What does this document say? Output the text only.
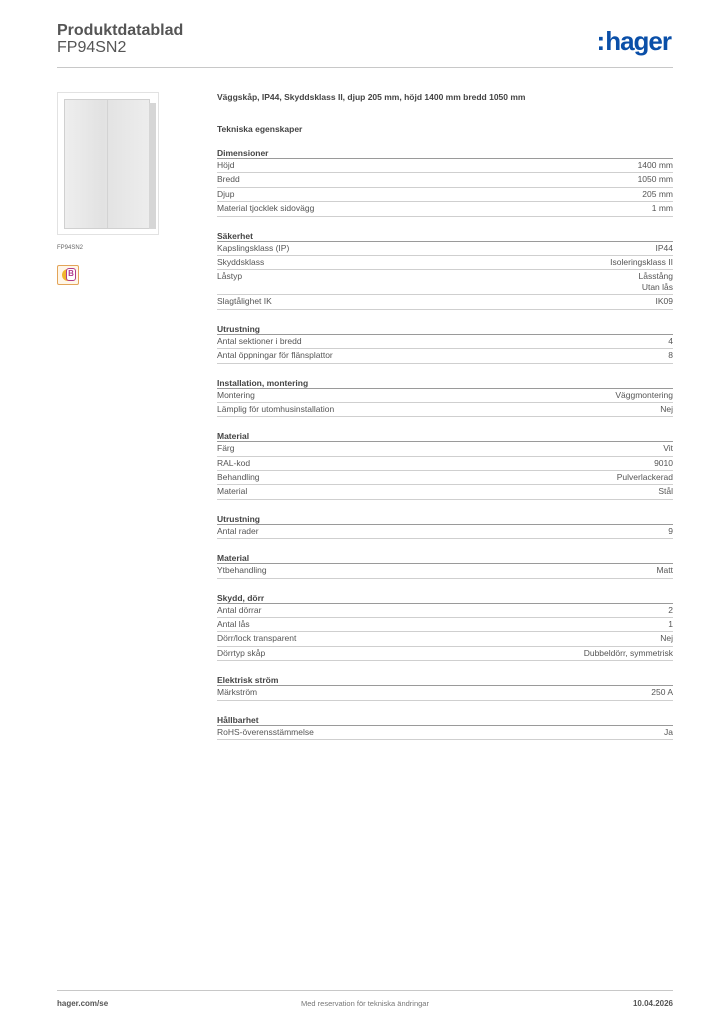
Produktdatablad
FP94SN2	:hager
FP94SN2
B
Väggskåp, IP44, Skyddsklass II, djup 205 mm, höjd 1400 mm bredd 1050 mm
Tekniska egenskaper
Dimensioner
Höjd	1400 mm
Bredd	1050 mm
Djup	205 mm
Material tjocklek sidovägg	1 mm
Säkerhet
Kapslingsklass (IP)	IP44
Skyddsklass	Isoleringsklass II
Låstyp	Låsstång
Utan lås
Slagtålighet IK	IK09
Utrustning
Antal sektioner i bredd	4
Antal öppningar för flänsplattor	8
Installation, montering
Montering	Väggmontering
Lämplig för utomhusinstallation	Nej
Material
Färg	Vit
RAL-kod	9010
Behandling	Pulverlackerad
Material	Stål
Utrustning
Antal rader	9
Material
Ytbehandling	Matt
Skydd, dörr
Antal dörrar	2
Antal lås	1
Dörr/lock transparent	Nej
Dörrtyp skåp	Dubbeldörr, symmetrisk
Elektrisk ström
Märkström	250 A
Hållbarhet
RoHS-överensstämmelse	Ja
hager.com/se	Med reservation för tekniska ändringar	10.04.2026
